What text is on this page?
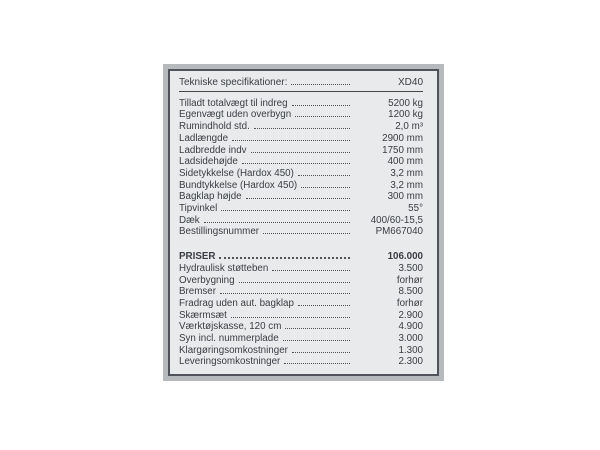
Tekniske specifikationer:	XD40
Tilladt totalvægt til indreg	5200 kg
Egenvægt uden overbygn	1200 kg
Rumindhold std.	2,0 m³
Ladlængde	2900 mm
Ladbredde indv	1750 mm
Ladsidehøjde	400 mm
Sidetykkelse (Hardox 450)	3,2 mm
Bundtykkelse (Hardox 450)	3,2 mm
Bagklap højde	300 mm
Tipvinkel	55°
Dæk	400/60-15,5
Bestillingsnummer	PM667040
PRISER	106.000
Hydraulisk støtteben	3.500
Overbygning	forhør
Bremser	8.500
Fradrag uden aut. bagklap	forhør
Skærmsæt	2.900
Værktøjskasse, 120 cm	4.900
Syn incl. nummerplade	3.000
Klargøringsomkostninger	1.300
Leveringsomkostninger	2.300
